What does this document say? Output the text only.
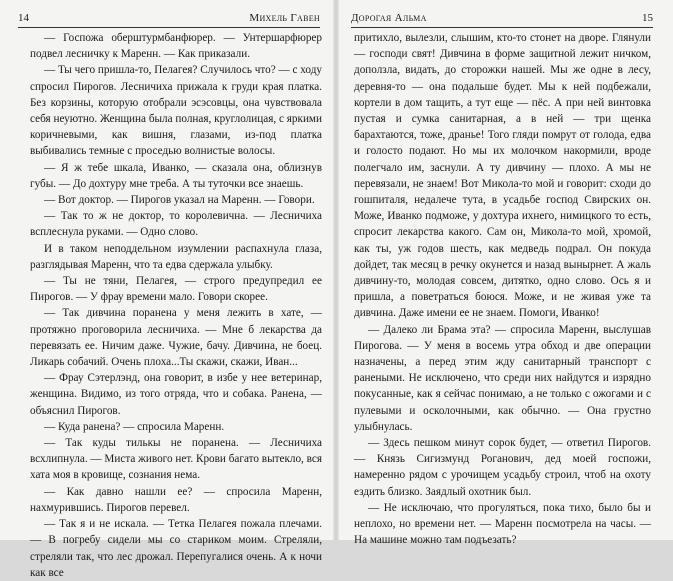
14	Михель Гавен

— Госпожа оберштурмбанфюрер. — Унтершарфюрер подвел лесничку к Маренн. — Как приказали.

— Ты чего пришла-то, Пелагея? Случилось что? — с ходу спросил Пирогов. Лесничиха прижала к груди края платка. Без корзины, которую отобрали эсэсовцы, она чувствовала себя неуютно. Женщина была полная, круглолицая, с яркими коричневыми, как вишня, глазами, из-под платка выбивались темные с проседью волнистые волосы.

— Я ж тебе шкала, Иванко, — сказала она, облизнув губы. — До дохтуру мне треба. А ты туточки все знаешь.

— Вот доктор. — Пирогов указал на Маренн. — Говори.

— Так то ж не доктор, то королевична. — Лесничиха всплеснула руками. — Одно слово.

И в таком неподдельном изумлении распахнула глаза, разглядывая Маренн, что та едва сдержала улыбку.

— Ты не тяни, Пелагея, — строго предупредил ее Пирогов. — У фрау времени мало. Говори скорее.

— Так дивчина поранена у меня лежить в хате, — протяжно проговорила лесничиха. — Мне б лекарства да перевязать ее. Ничим даже. Чужие, бачу. Дивчина, не боец. Ликарь собачий. Очень плоха...Ты скажи, скажи, Иван...

— Фрау Сэтерлэнд, она говорит, в избе у нее ветеринар, женщина. Видимо, из того отряда, что и собака. Ранена, — объяснил Пирогов.

— Куда ранена? — спросила Маренн.

— Так куды тилькы не поранена. — Лесничиха всхлипнула. — Миста живого нет. Крови багато вытекло, вся хата моя в кровище, сознания нема.

— Как давно нашли ее? — спросила Маренн, нахмурившись. Пирогов перевел.

— Так я и не искала. — Тетка Пелагея пожала плечами. — В погребу сидели мы со стариком моим. Стреляли, стреляли так, что лес дрожал. Перепугалися очень. А к ночи как все

Дорогая Альма	15

притихло, вылезли, слышим, кто-то стонет на дворе. Глянули — господи свят! Дивчина в форме защитной лежит ничком, доползла, видать, до сторожки нашей. Мы же одне в лесу, деревня-то — она подальше будет. Мы к ней подбежали, кортели в дом тащить, а тут еще — пёс. А при ней винтовка пустая и сумка санитарная, а в ней — три щенка барахтаются, тоже, дранье! Того гляди помрут от голода, едва и голосто подают. Но мы их молочком накормили, вроде полегчало им, заснули. А ту дивчину — плохо. А мы не перевязали, не знаем! Вот Микола-то мой и говорит: сходи до гошпиталя, недалече тута, в усадьбе господ Свирских он. Може, Иванко подможе, у дохтура ихнего, нимицкого то есть, спросит лекарства какого. Сам он, Микола-то мой, хромой, как ты, уж годов шесть, как медведь подрал. Он покуда дойдет, так месяц в речку окунется и назад вынырнет. А жаль дивчину-то, молодая совсем, дитятко, одно слово. Ось я и пришла, а поветраться боюся. Може, и не живая уже та дивчина. Даже имени ее не знаем. Помоги, Иванко!

— Далеко ли Брама эта? — спросила Маренн, выслушав Пирогова. — У меня в восемь утра обход и две операции назначены, а перед этим жду санитарный транспорт с ранеными. Не исключено, что среди них найдутся и изрядно покусанные, как я сейчас понимаю, а не только с ожогами и с пулевыми и осколочными, как обычно. — Она грустно улыбнулась.

— Здесь пешком минут сорок будет, — ответил Пирогов. — Князь Сигизмунд Роганович, дед моей госпожи, намеренно рядом с урочищем усадьбу строил, чтоб на охоту ездить близко. Заядлый охотник был.

— Не исключаю, что прогуляться, пока тихо, было бы и неплохо, но времени нет. — Маренн посмотрела на часы. — На машине можно там подъезать?
